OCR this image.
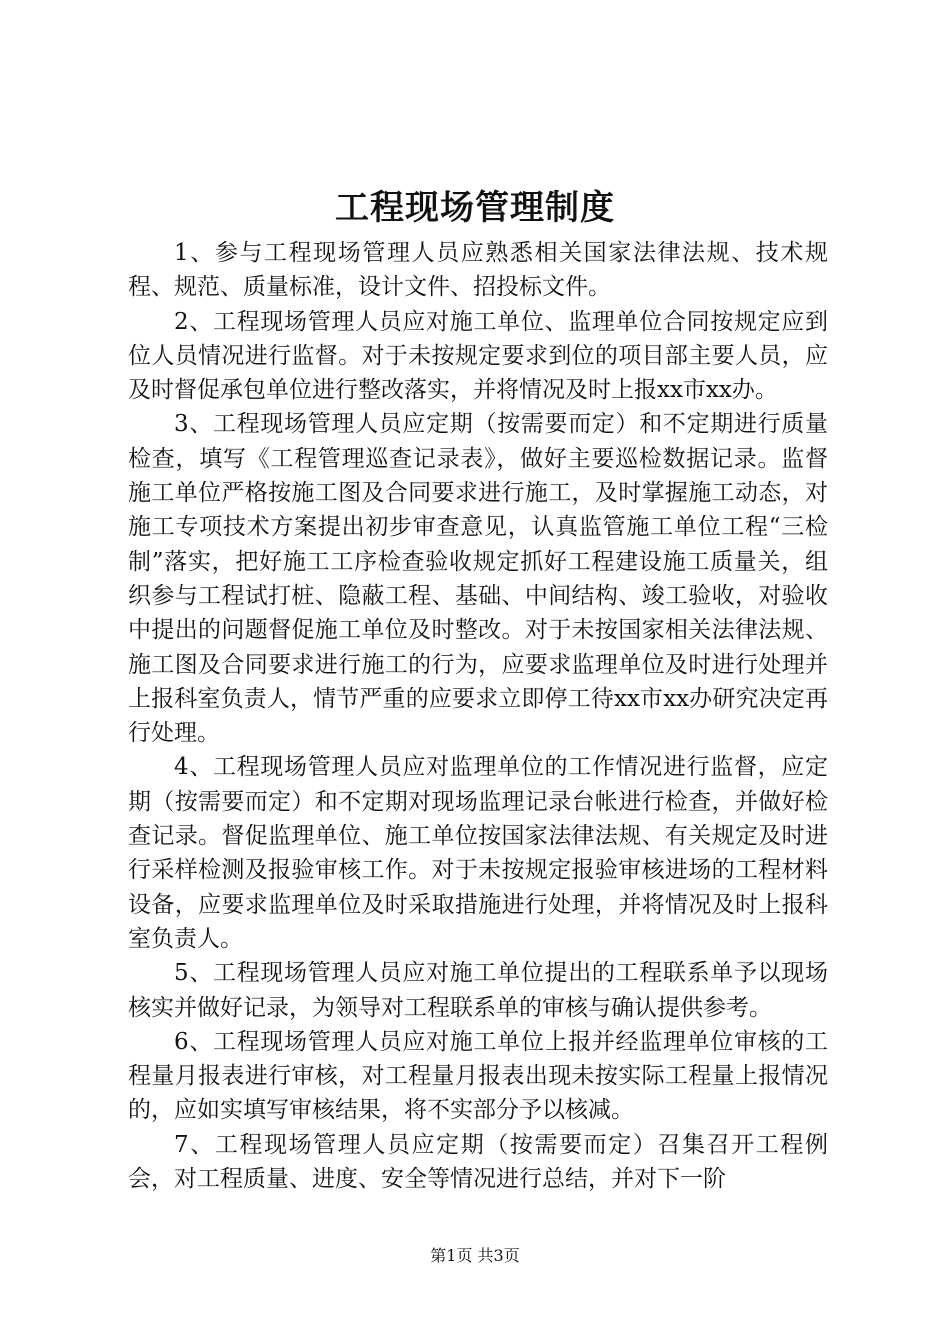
工程现场管理制度

1、参与工程现场管理人员应熟悉相关国家法律法规、技术规程、规范、质量标准，设计文件、招投标文件。

2、工程现场管理人员应对施工单位、监理单位合同按规定应到位人员情况进行监督。对于未按规定要求到位的项目部主要人员，应及时督促承包单位进行整改落实，并将情况及时上报xx市xx办。

3、工程现场管理人员应定期（按需要而定）和不定期进行质量检查，填写《工程管理巡查记录表》，做好主要巡检数据记录。监督施工单位严格按施工图及合同要求进行施工，及时掌握施工动态，对施工专项技术方案提出初步审查意见，认真监管施工单位工程“三检制”落实，把好施工工序检查验收规定抓好工程建设施工质量关，组织参与工程试打桩、隐蔽工程、基础、中间结构、竣工验收，对验收中提出的问题督促施工单位及时整改。对于未按国家相关法律法规、施工图及合同要求进行施工的行为，应要求监理单位及时进行处理并上报科室负责人，情节严重的应要求立即停工待xx市xx办研究决定再行处理。

4、工程现场管理人员应对监理单位的工作情况进行监督，应定期（按需要而定）和不定期对现场监理记录台帐进行检查，并做好检查记录。督促监理单位、施工单位按国家法律法规、有关规定及时进行采样检测及报验审核工作。对于未按规定报验审核进场的工程材料设备，应要求监理单位及时采取措施进行处理，并将情况及时上报科室负责人。

5、工程现场管理人员应对施工单位提出的工程联系单予以现场核实并做好记录，为领导对工程联系单的审核与确认提供参考。

6、工程现场管理人员应对施工单位上报并经监理单位审核的工程量月报表进行审核，对工程量月报表出现未按实际工程量上报情况的，应如实填写审核结果，将不实部分予以核减。

7、工程现场管理人员应定期（按需要而定）召集召开工程例会，对工程质量、进度、安全等情况进行总结，并对下一阶

第1页 共3页
